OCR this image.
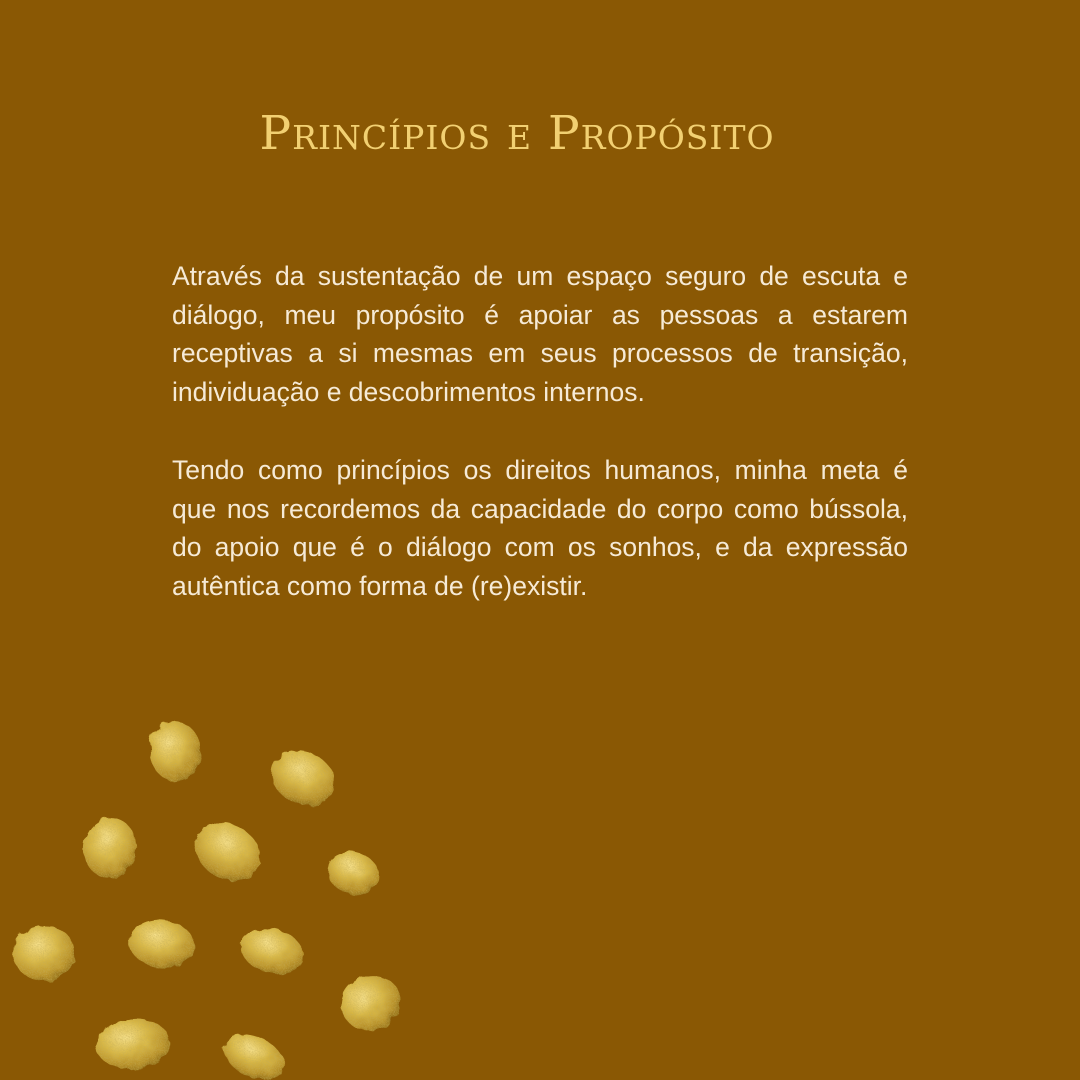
Princípios e Propósito

Através da sustentação de um espaço seguro de escuta e diálogo, meu propósito é apoiar as pessoas a estarem receptivas a si mesmas em seus processos de transição, individuação e descobrimentos internos.

Tendo como princípios os direitos humanos, minha meta é que nos recordemos da capacidade do corpo como bússola, do apoio que é o diálogo com os sonhos, e da expressão autêntica como forma de (re)existir.
